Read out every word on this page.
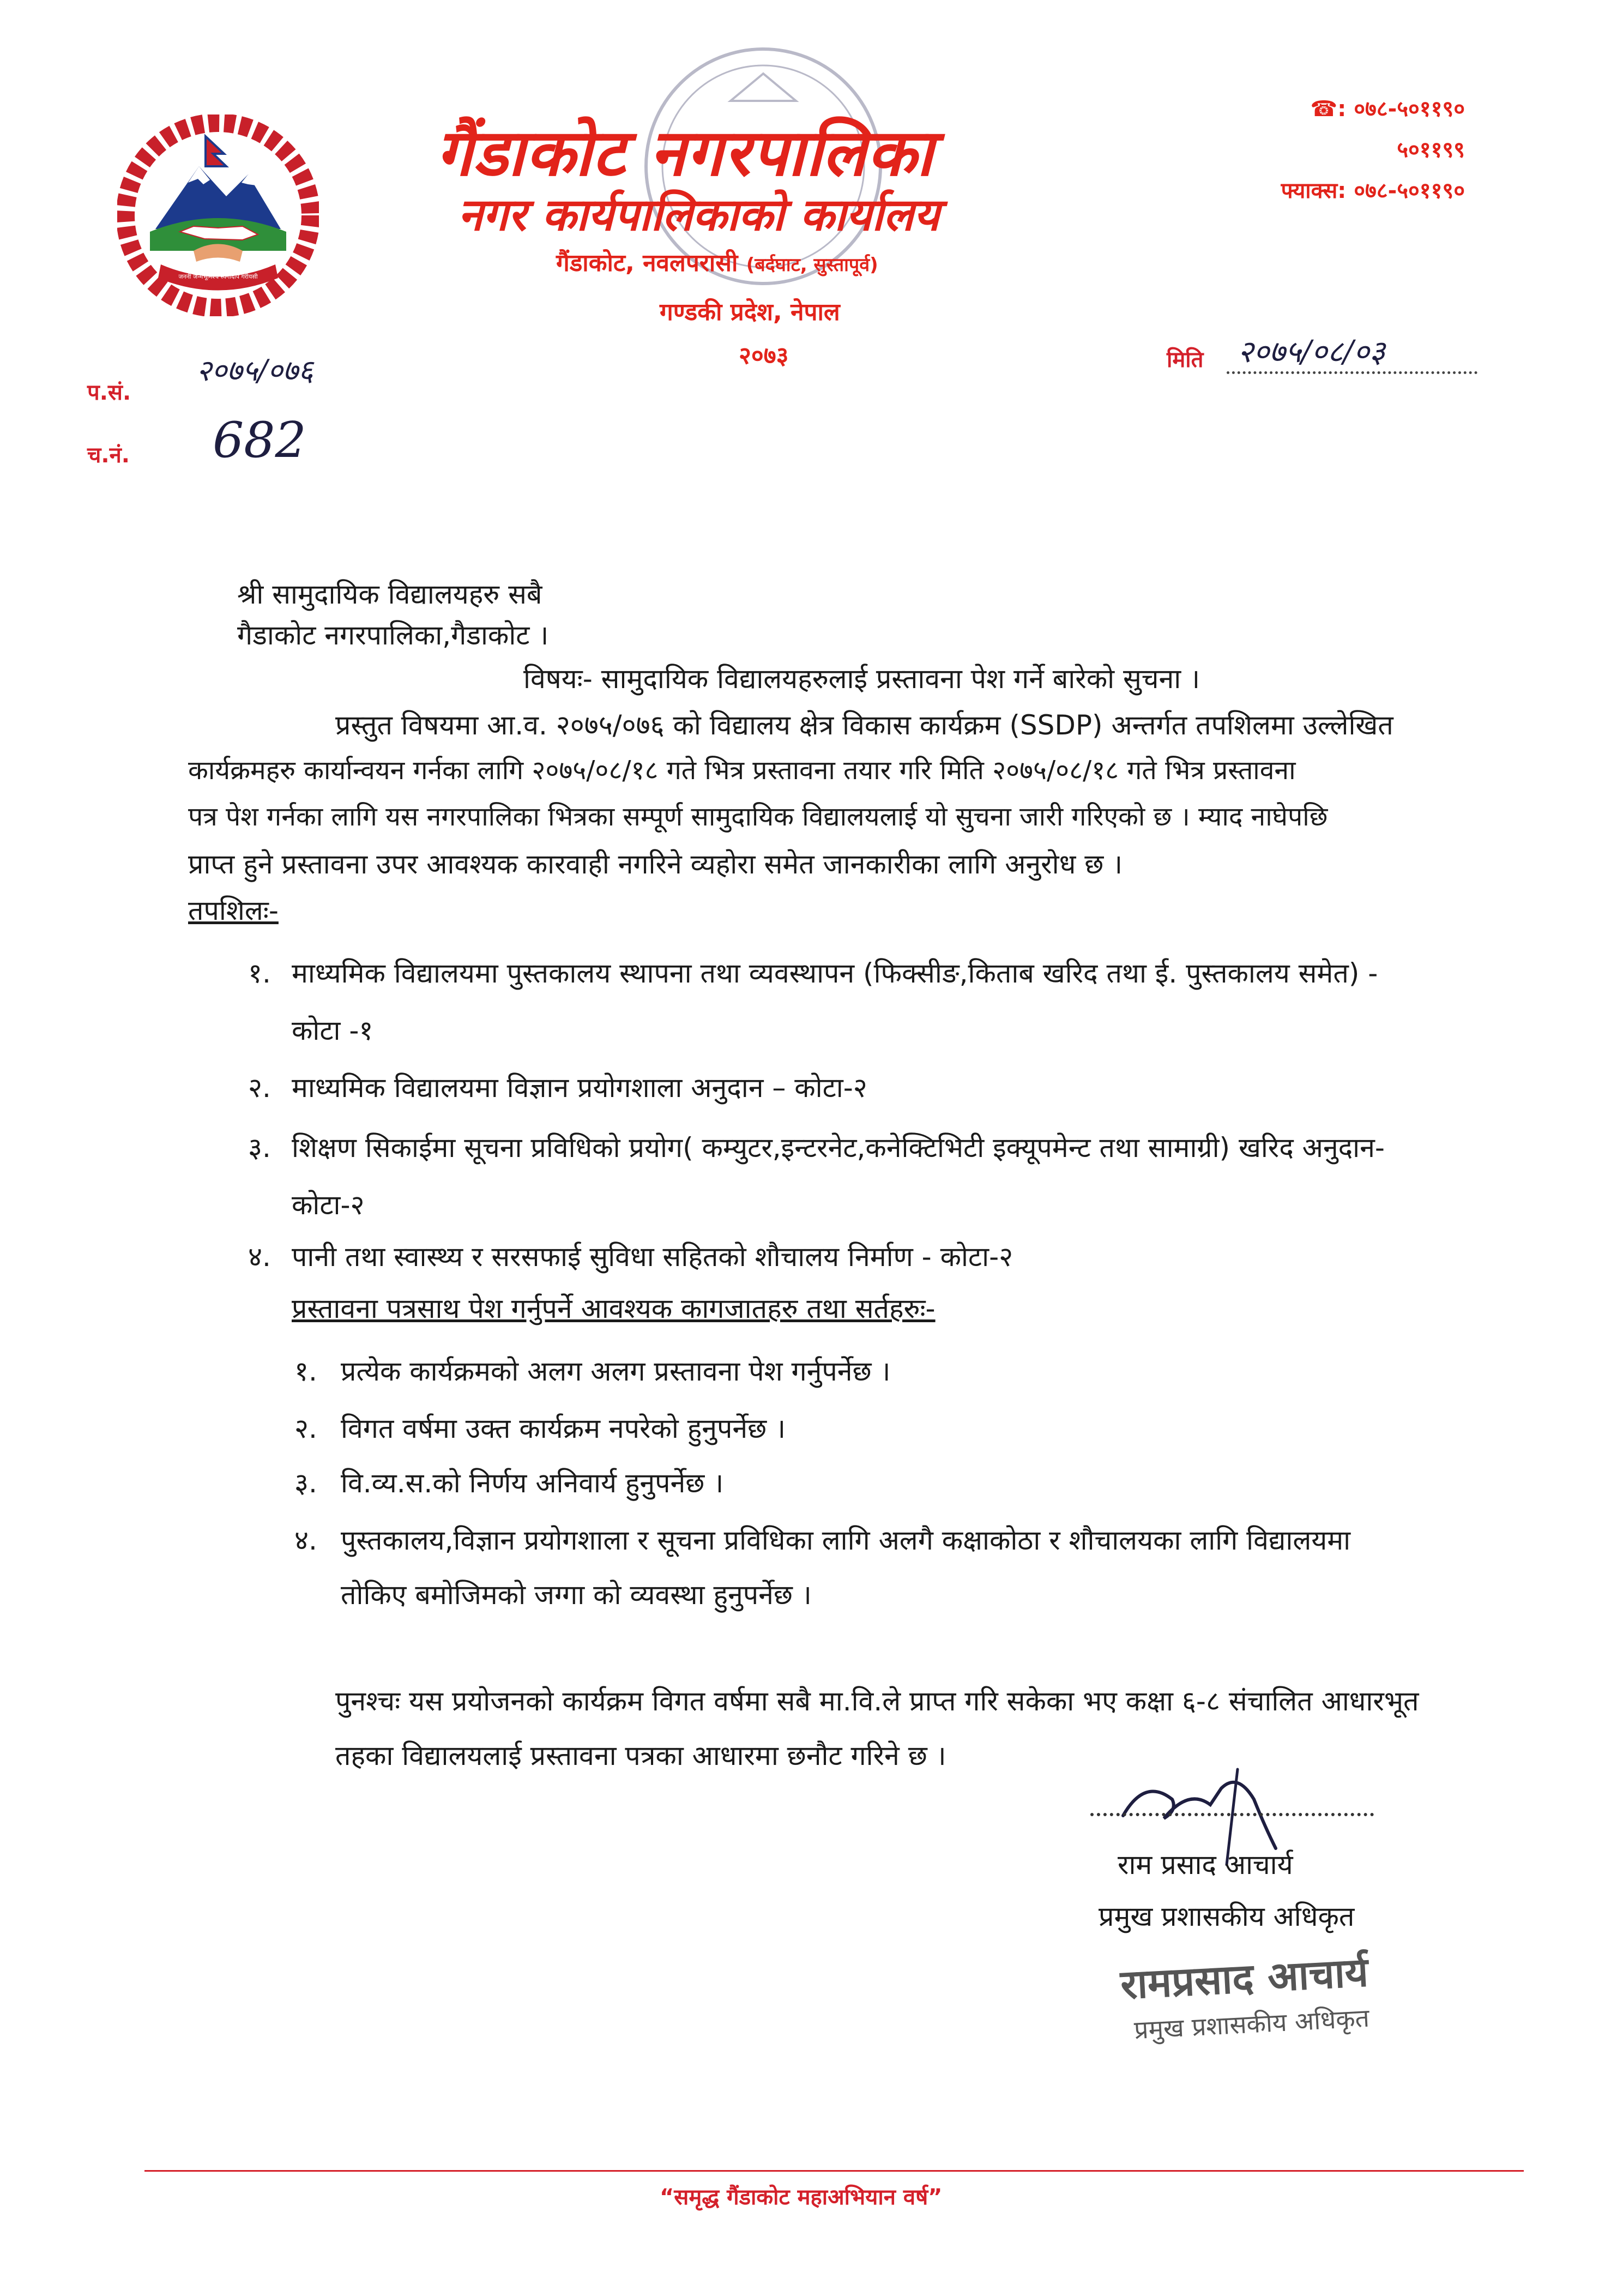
जननी जन्मभूमिश्च स्वर्गादपि गरीयसी
गैंडाकोट नगरपालिका
नगर कार्यपालिकाको कार्यालय
गैंडाकोट, नवलपरासी (बर्दघाट, सुस्तापूर्व)
गण्डकी प्रदेश, नेपाल
२०७३
☎: ०७८-५०११९०
५०११९९
फ्याक्स: ०७८-५०११९०
प.सं.
२०७५/०७६
च.नं. 682
मिति	२०७५/०८/०३
श्री सामुदायिक विद्यालयहरु सबै
गैडाकोट नगरपालिका,गैडाकोट ।
विषयः- सामुदायिक विद्यालयहरुलाई प्रस्तावना पेश गर्ने बारेको सुचना ।
प्रस्तुत विषयमा आ.व. २०७५/०७६ को विद्यालय क्षेत्र विकास कार्यक्रम (SSDP) अन्तर्गत तपशिलमा उल्लेखित
कार्यक्रमहरु कार्यान्वयन गर्नका लागि २०७५/०८/१८ गते भित्र प्रस्तावना तयार गरि मिति २०७५/०८/१८ गते भित्र प्रस्तावना
पत्र पेश गर्नका लागि यस नगरपालिका भित्रका सम्पूर्ण सामुदायिक विद्यालयलाई यो सुचना जारी गरिएको छ । म्याद नाघेपछि
प्राप्त हुने प्रस्तावना उपर आवश्यक कारवाही नगरिने व्यहोरा समेत जानकारीका लागि अनुरोध छ ।
तपशिलः-
१. माध्यमिक विद्यालयमा पुस्तकालय स्थापना तथा व्यवस्थापन (फिक्सीङ,किताब खरिद तथा ई. पुस्तकालय समेत) -
कोटा -१
२. माध्यमिक विद्यालयमा विज्ञान प्रयोगशाला अनुदान – कोटा-२
३. शिक्षण सिकाईमा सूचना प्रविधिको प्रयोग( कम्युटर,इन्टरनेट,कनेक्टिभिटी इक्यूपमेन्ट तथा सामाग्री) खरिद अनुदान-
कोटा-२
४. पानी तथा स्वास्थ्य र सरसफाई सुविधा सहितको शौचालय निर्माण - कोटा-२
प्रस्तावना पत्रसाथ पेश गर्नुपर्ने आवश्यक कागजातहरु तथा सर्तहरुः-
१. प्रत्येक कार्यक्रमको अलग अलग प्रस्तावना पेश गर्नुपर्नेछ ।
२. विगत वर्षमा उक्त कार्यक्रम नपरेको हुनुपर्नेछ ।
३. वि.व्य.स.को निर्णय अनिवार्य हुनुपर्नेछ ।
४. पुस्तकालय,विज्ञान प्रयोगशाला र सूचना प्रविधिका लागि अलगै कक्षाकोठा र शौचालयका लागि विद्यालयमा
तोकिए बमोजिमको जग्गा को व्यवस्था हुनुपर्नेछ ।
पुनश्चः यस प्रयोजनको कार्यक्रम विगत वर्षमा सबै मा.वि.ले प्राप्त गरि सकेका भए कक्षा ६-८ संचालित आधारभूत
तहका विद्यालयलाई प्रस्तावना पत्रका आधारमा छनौट गरिने छ ।
राम प्रसाद आचार्य
प्रमुख प्रशासकीय अधिकृत
रामप्रसाद आचार्य
प्रमुख प्रशासकीय अधिकृत
“समृद्ध गैंडाकोट महाअभियान वर्ष”
